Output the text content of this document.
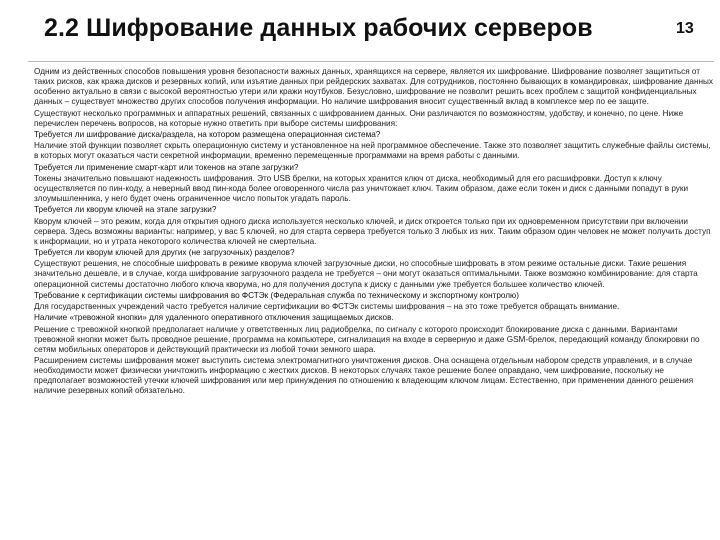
2.2 Шифрование данных рабочих серверов	13

Одним из действенных способов повышения уровня безопасности важных данных, хранящихся на сервере, является их шифрование. Шифрование позволяет защититься от таких рисков, как кража дисков и резервных копий, или изъятие данных при рейдерских захватах. Для сотрудников, постоянно бывающих в командировках, шифрование данных особенно актуально в связи с высокой вероятностью утери или кражи ноутбуков. Безусловно, шифрование не позволит решить всех проблем с защитой конфиденциальных данных – существует множество других способов получения информации. Но наличие шифрования вносит существенный вклад в комплексе мер по ее защите.

Существуют несколько программных и аппаратных решений, связанных с шифрованием данных. Они различаются по возможностям, удобству, и конечно, по цене. Ниже перечислен перечень вопросов, на которые нужно ответить при выборе системы шифрования:

Требуется ли шифрование диска/раздела, на котором размещена операционная система?

Наличие этой функции позволяет скрыть операционную систему и установленное на ней программное обеспечение. Также это позволяет защитить служебные файлы системы, в которых могут оказаться части секретной информации, временно перемещенные программами на время работы с данными.

Требуется ли применение смарт-карт или токенов на этапе загрузки?

Токены значительно повышают надежность шифрования. Это USB брелки, на которых хранится ключ от диска, необходимый для его расшифровки. Доступ к ключу осуществляется по пин-коду, а неверный ввод пин-кода более оговоренного числа раз уничтожает ключ. Таким образом, даже если токен и диск с данными попадут в руки злоумышленника, у него будет очень ограниченное число попыток угадать пароль.

Требуется ли кворум ключей на этапе загрузки?

Кворум ключей – это режим, когда для открытия одного диска используется несколько ключей, и диск откроется только при их одновременном присутствии при включении сервера. Здесь возможны варианты: например, у вас 5 ключей, но для старта сервера требуется только 3 любых из них. Таким образом один человек не может получить доступ к информации, но и утрата некоторого количества ключей не смертельна.

Требуется ли кворум ключей для других (не загрузочных) разделов?

Существуют решения, не способные шифровать в режиме кворума ключей загрузочные диски, но способные шифровать в этом режиме остальные диски. Такие решения значительно дешевле, и в случае, когда шифрование загрузочного раздела не требуется – они могут оказаться оптимальными. Также возможно комбинирование: для старта операционной системы достаточно любого ключа кворума, но для получения доступа к диску с данными уже требуется большее количество ключей.

Требование к сертификации системы шифрования во ФСТЭк (Федеральная служба по техническому и экспортному контролю)

Для государственных учреждений часто требуется наличие сертификации во ФСТЭк системы шифрования – на это тоже требуется обращать внимание.

Наличие «тревожной кнопки» для удаленного оперативного отключения защищаемых дисков.

Решение с тревожной кнопкой предполагает наличие у ответственных лиц радиобрелка, по сигналу с которого происходит блокирование диска с данными. Вариантами тревожной кнопки может быть проводное решение, программа на компьютере, сигнализация на входе в серверную и даже GSM-брелок, передающий команду блокировки по сетям мобильных операторов и действующий практически из любой точки земного шара.

Расширением системы шифрования может выступить система электромагнитного уничтожения дисков. Она оснащена отдельным набором средств управления, и в случае необходимости может физически уничтожить информацию с жестких дисков. В некоторых случаях такое решение более оправдано, чем шифрование, поскольку не предполагает возможностей утечки ключей шифрования или мер принуждения по отношению к владеющим ключом лицам. Естественно, при применении данного решения наличие резервных копий обязательно.
